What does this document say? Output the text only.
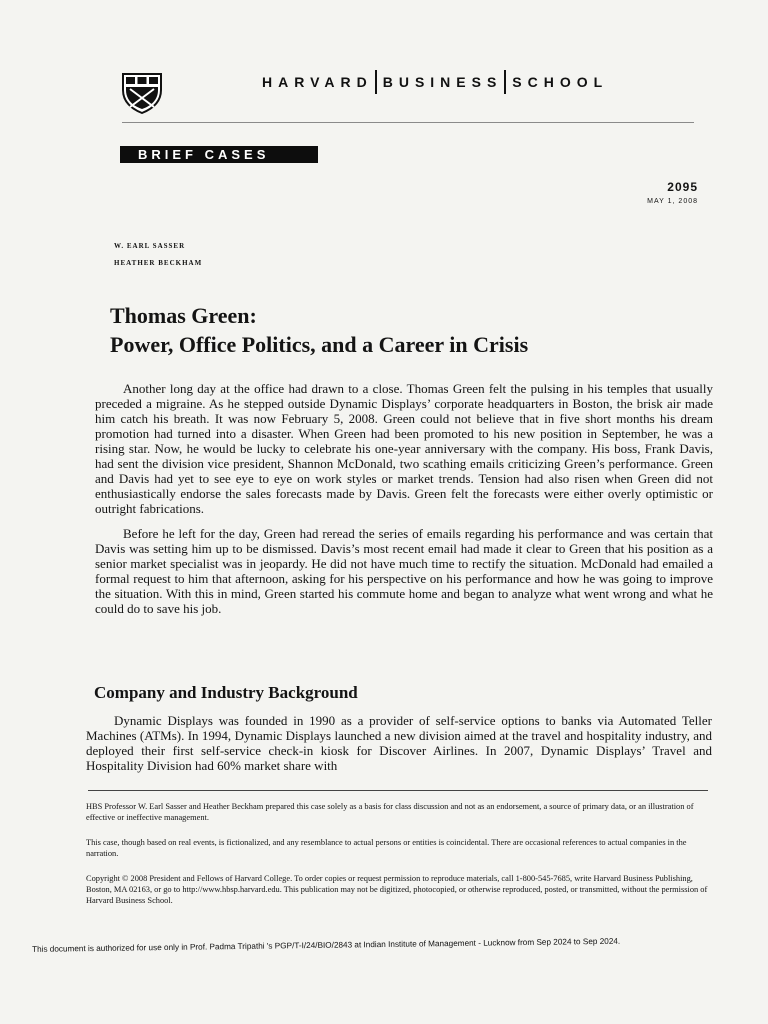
HARVARD BUSINESS SCHOOL
BRIEF CASES
2095
MAY 1, 2008
W. EARL SASSER
HEATHER BECKHAM
Thomas Green:
Power, Office Politics, and a Career in Crisis

Another long day at the office had drawn to a close. Thomas Green felt the pulsing in his temples that usually preceded a migraine. As he stepped outside Dynamic Displays’ corporate headquarters in Boston, the brisk air made him catch his breath. It was now February 5, 2008. Green could not believe that in five short months his dream promotion had turned into a disaster. When Green had been promoted to his new position in September, he was a rising star. Now, he would be lucky to celebrate his one-year anniversary with the company. His boss, Frank Davis, had sent the division vice president, Shannon McDonald, two scathing emails criticizing Green’s performance. Green and Davis had yet to see eye to eye on work styles or market trends. Tension had also risen when Green did not enthusiastically endorse the sales forecasts made by Davis. Green felt the forecasts were either overly optimistic or outright fabrications.

Before he left for the day, Green had reread the series of emails regarding his performance and was certain that Davis was setting him up to be dismissed. Davis’s most recent email had made it clear to Green that his position as a senior market specialist was in jeopardy. He did not have much time to rectify the situation. McDonald had emailed a formal request to him that afternoon, asking for his perspective on his performance and how he was going to improve the situation. With this in mind, Green started his commute home and began to analyze what went wrong and what he could do to save his job.

Company and Industry Background
Dynamic Displays was founded in 1990 as a provider of self-service options to banks via Automated Teller Machines (ATMs). In 1994, Dynamic Displays launched a new division aimed at the travel and hospitality industry, and deployed their first self-service check-in kiosk for Discover Airlines. In 2007, Dynamic Displays’ Travel and Hospitality Division had 60% market share with

HBS Professor W. Earl Sasser and Heather Beckham prepared this case solely as a basis for class discussion and not as an endorsement, a source of primary data, or an illustration of effective or ineffective management.

This case, though based on real events, is fictionalized, and any resemblance to actual persons or entities is coincidental. There are occasional references to actual companies in the narration.

Copyright © 2008 President and Fellows of Harvard College. To order copies or request permission to reproduce materials, call 1-800-545-7685, write Harvard Business Publishing, Boston, MA 02163, or go to http://www.hbsp.harvard.edu. This publication may not be digitized, photocopied, or otherwise reproduced, posted, or transmitted, without the permission of Harvard Business School.

This document is authorized for use only in Prof. Padma Tripathi 's PGP/T-I/24/BIO/2843 at Indian Institute of Management - Lucknow from Sep 2024 to Sep 2024.
